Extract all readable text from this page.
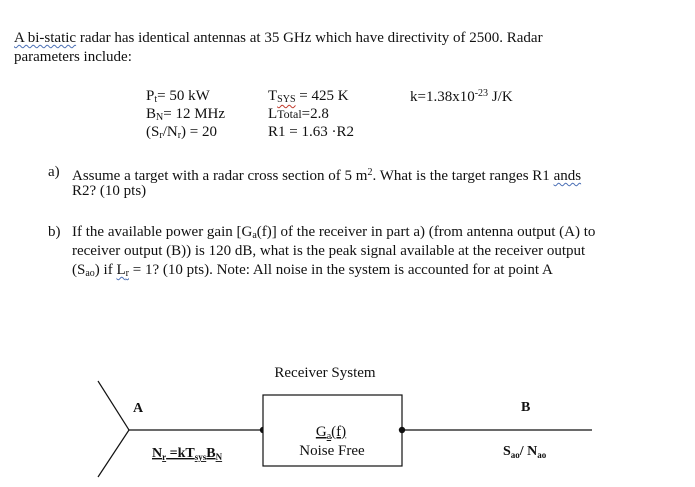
A bi-static radar has identical antennas at 35 GHz which have directivity of 2500. Radar
parameters include:
$P_t= 50$ kW
$B_N= 12$ MHz
$(S_r/N_r) = 20$
$T_{SYS} = 425$ K
LTotal=2.8
R1 = 1.63 ·R2
$k=1.38x10^{-23}$ J/K
a) Assume a target with a radar cross section of 5 $m^2$. What is the target ranges R1 ands
R2? (10 pts)
b) If the available power gain $[G_a(f)]$ of the receiver in part a) (from antenna output (A) to
receiver output (B)) is 120 dB, what is the peak signal available at the receiver output
$(S_{ao})$ if $L_r = 1$? (10 pts). Note: All noise in the system is accounted for at point A
Receiver System
A	B
$G_a(f)$
Noise Free
$N_r =kT_{sys}B_N$	$S_{ao}/$ $N_{ao}$
